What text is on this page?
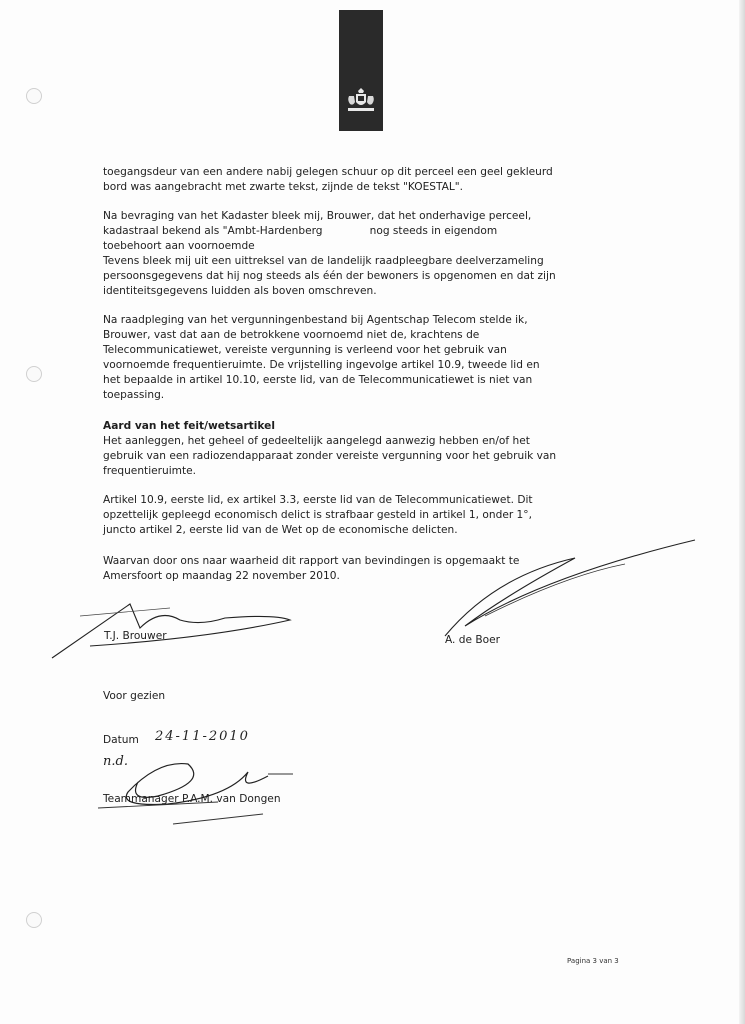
toegangsdeur van een andere nabij gelegen schuur op dit perceel een geel gekleurd
bord was aangebracht met zwarte tekst, zijnde de tekst "KOESTAL".

Na bevraging van het Kadaster bleek mij, Brouwer, dat het onderhavige perceel,
kadastraal bekend als "Ambt-Hardenberg              nog steeds in eigendom
toebehoort aan voornoemde
Tevens bleek mij uit een uittreksel van de landelijk raadpleegbare deelverzameling
persoonsgegevens dat hij nog steeds als één der bewoners is opgenomen en dat zijn
identiteitsgegevens luidden als boven omschreven.

Na raadpleging van het vergunningenbestand bij Agentschap Telecom stelde ik,
Brouwer, vast dat aan de betrokkene voornoemd niet de, krachtens de
Telecommunicatiewet, vereiste vergunning is verleend voor het gebruik van
voornoemde frequentieruimte. De vrijstelling ingevolge artikel 10.9, tweede lid en
het bepaalde in artikel 10.10, eerste lid, van de Telecommunicatiewet is niet van
toepassing.

Aard van het feit/wetsartikel

Het aanleggen, het geheel of gedeeltelijk aangelegd aanwezig hebben en/of het
gebruik van een radiozendapparaat zonder vereiste vergunning voor het gebruik van
frequentieruimte.

Artikel 10.9, eerste lid, ex artikel 3.3, eerste lid van de Telecommunicatiewet. Dit
opzettelijk gepleegd economisch delict is strafbaar gesteld in artikel 1, onder 1°,
juncto artikel 2, eerste lid van de Wet op de economische delicten.

Waarvan door ons naar waarheid dit rapport van bevindingen is opgemaakt te
Amersfoort op maandag 22 november 2010.

T.J. Brouwer	A. de Boer
Voor gezien
Datum 24-11-2010
n.d.
Teammanager P.A.M. van Dongen
Pagina 3 van 3
